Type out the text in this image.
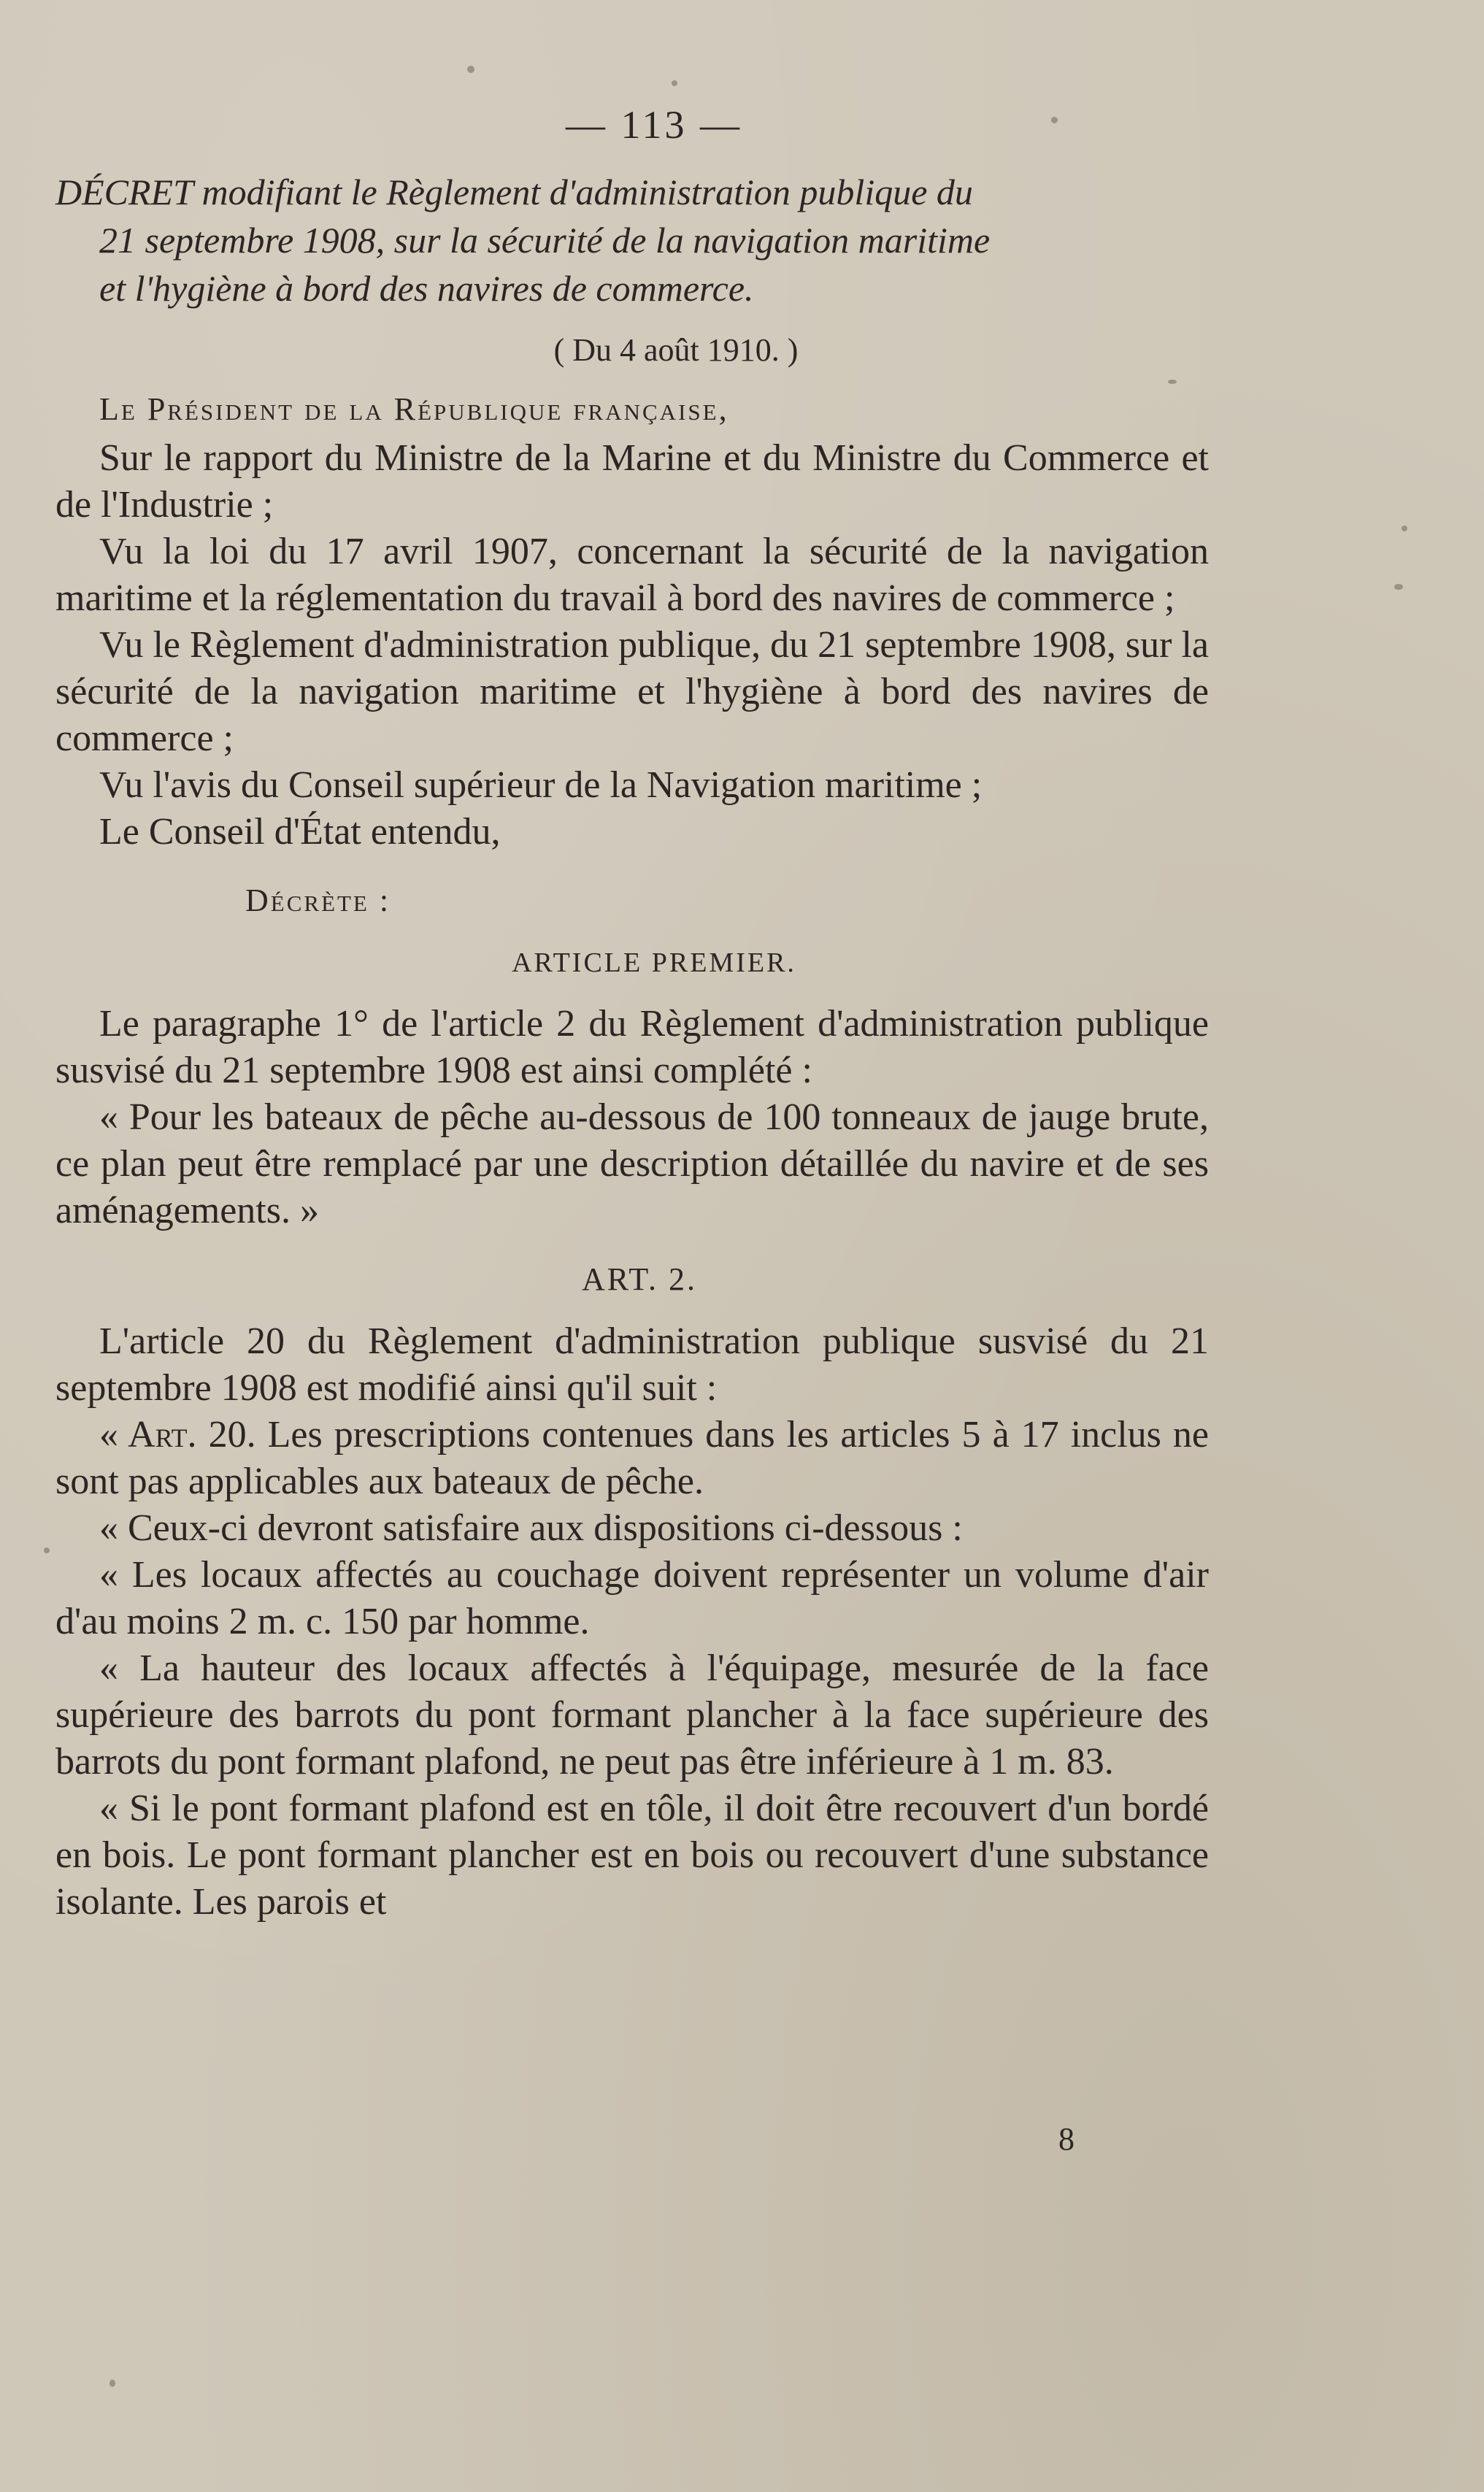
— 113 —
DÉCRET modifiant le Règlement d'administration publique du
21 septembre 1908, sur la sécurité de la navigation maritime
et l'hygiène à bord des navires de commerce.
( Du 4 août 1910. )
Le Président de la République française,

Sur le rapport du Ministre de la Marine et du Ministre du Commerce et de l'Industrie ;

Vu la loi du 17 avril 1907, concernant la sécurité de la navigation maritime et la réglementation du travail à bord des navires de commerce ;

Vu le Règlement d'administration publique, du 21 septembre 1908, sur la sécurité de la navigation maritime et l'hygiène à bord des navires de commerce ;

Vu l'avis du Conseil supérieur de la Navigation maritime ;

Le Conseil d'État entendu,

Décrète :
ARTICLE PREMIER.

Le paragraphe 1° de l'article 2 du Règlement d'administration publique susvisé du 21 septembre 1908 est ainsi complété :

« Pour les bateaux de pêche au-dessous de 100 tonneaux de jauge brute, ce plan peut être remplacé par une description détaillée du navire et de ses aménagements. »

ART. 2.

L'article 20 du Règlement d'administration publique susvisé du 21 septembre 1908 est modifié ainsi qu'il suit :

« Art. 20. Les prescriptions contenues dans les articles 5 à 17 inclus ne sont pas applicables aux bateaux de pêche.

« Ceux-ci devront satisfaire aux dispositions ci-dessous :

« Les locaux affectés au couchage doivent représenter un volume d'air d'au moins 2 m. c. 150 par homme.

« La hauteur des locaux affectés à l'équipage, mesurée de la face supérieure des barrots du pont formant plancher à la face supérieure des barrots du pont formant plafond, ne peut pas être inférieure à 1 m. 83.

« Si le pont formant plafond est en tôle, il doit être recouvert d'un bordé en bois. Le pont formant plancher est en bois ou recouvert d'une substance isolante. Les parois et

8
